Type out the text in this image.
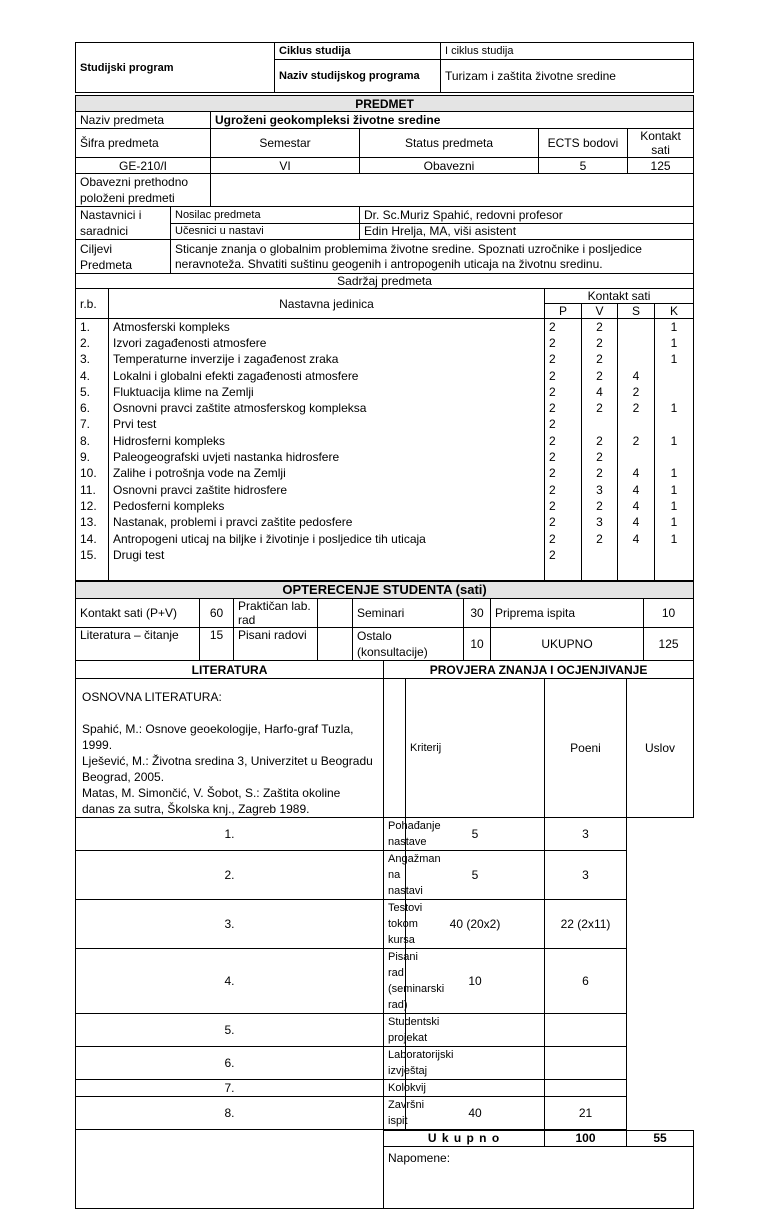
Studijski program	Ciklus studija	I ciklus studija
	Naziv studijskog programa	Turizam i zaštita životne sredine
PREDMET					
Naziv predmeta		Ugroženi geokompleksi životne sredine			
Šifra predmeta		Semestar	Status predmeta	ECTS bodovi	Kontakt sati
GE-210/I		VI	Obavezni	5	125
Obavezni prethodno položeni predmeti					
Nastavnici i saradnici	Nosilac predmeta		Dr. Sc.Muriz Spahić, redovni profesor		
	Učesnici u nastavi		Edin Hrelja, MA, viši asistent		
Ciljevi Predmeta	Sticanje znanja o globalnim problemima životne sredine. Spoznati uzročnike i posljedice neravnoteža. Shvatiti suštinu geogenih i antropogenih uticaja na životnu sredinu.				
Sadržaj predmeta					
r.b.	Nastavna jedinica	Kontakt sati			
		P	V	S	K
1.	Atmosferski kompleks	2	2		1
2.	Izvori zagađenosti atmosfere	2	2		1
3.	Temperaturne inverzije i zagađenost zraka	2	2		1
4.	Lokalni i globalni efekti zagađenosti atmosfere	2	2	4	
5.	Fluktuacija klime na Zemlji	2	4	2	
6.	Osnovni pravci zaštite atmosferskog kompleksa	2	2	2	1
7.	Prvi test	2			
8.	Hidrosferni kompleks	2	2	2	1
9.	Paleogeografski uvjeti nastanka hidrosfere	2	2		
10.	Zalihe i potrošnja vode na Zemlji	2	2	4	1
11.	Osnovni pravci zaštite hidrosfere	2	3	4	1
12.	Pedosferni kompleks	2	2	4	1
13.	Nastanak, problemi i pravci zaštite pedosfere	2	3	4	1
14.	Antropogeni uticaj na biljke i životinje i posljedice tih uticaja	2	2	4	1
15.	Drugi test	2			

OPTERECENJE STUDENTA (sati)							
Kontakt sati (P+V)	60	Praktičan lab. rad		Seminari	30	Priprema ispita	10
Literatura – čitanje	15	Pisani radovi		Ostalo (konsultacije)	10	UKUPNO	125
LITERATURA	PROVJERA ZNANJA I OCJENJIVANJE

OSNOVNA LITERATURA:
Spahić, M.: Osnove geoekologije, Harfo-graf Tuzla, 1999.
Lješević, M.: Životna sredina 3, Univerzitet u Beogradu Beograd, 2005.
Matas, M. Simončić, V. Šobot, S.: Zaštita okoline danas za sutra, Školska knj., Zagreb 1989.		Kriterij	Poeni	Uslov
1.	Pohađanje nastave	5	3
2.	Angažman na nastavi	5	3
3.	Testovi tokom kursa	40 (20x2)	22 (2x11)
4.	Pisani rad (seminarski rad)	10	6
5.	Studentski projekat		
6.	Laboratorijski izvještaj		
7.	Kolokvij		
8.	Završni ispit	40	21
	U k u p n o	100	55
Napomene:
